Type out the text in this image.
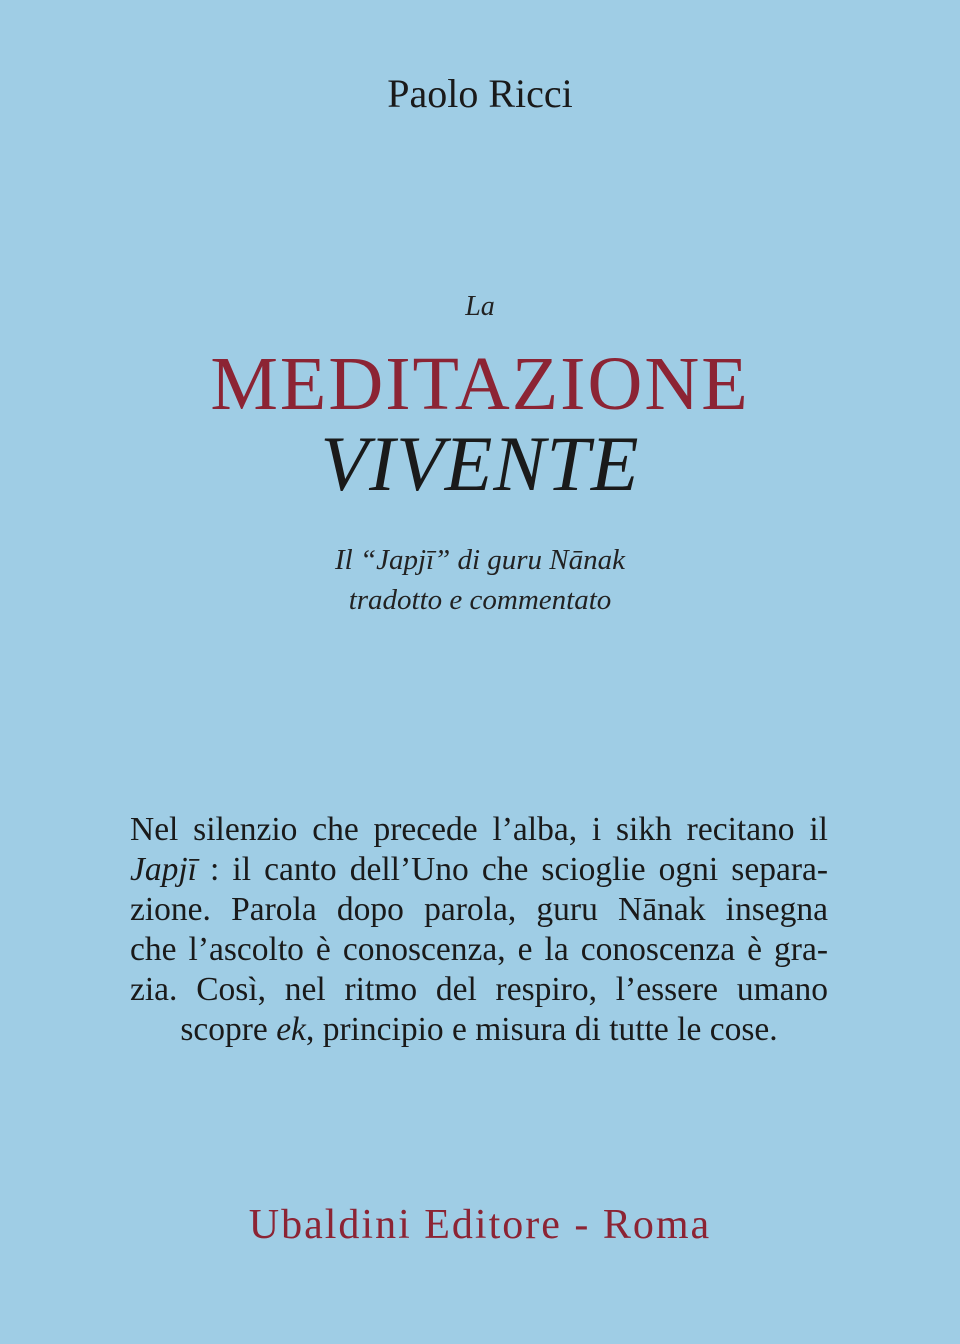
Paolo Ricci
La
MEDITAZIONE
VIVENTE
Il “Japjī” di guru Nānak
tradotto e commentato
Nel silenzio che precede l’alba, i sikh recitano il
Japjī : il canto dell’Uno che scioglie ogni separa-
zione. Parola dopo parola, guru Nānak insegna
che l’ascolto è conoscenza, e la conoscenza è gra-
zia. Così, nel ritmo del respiro, l’essere umano
scopre ek, principio e misura di tutte le cose.
Ubaldini Editore - Roma
